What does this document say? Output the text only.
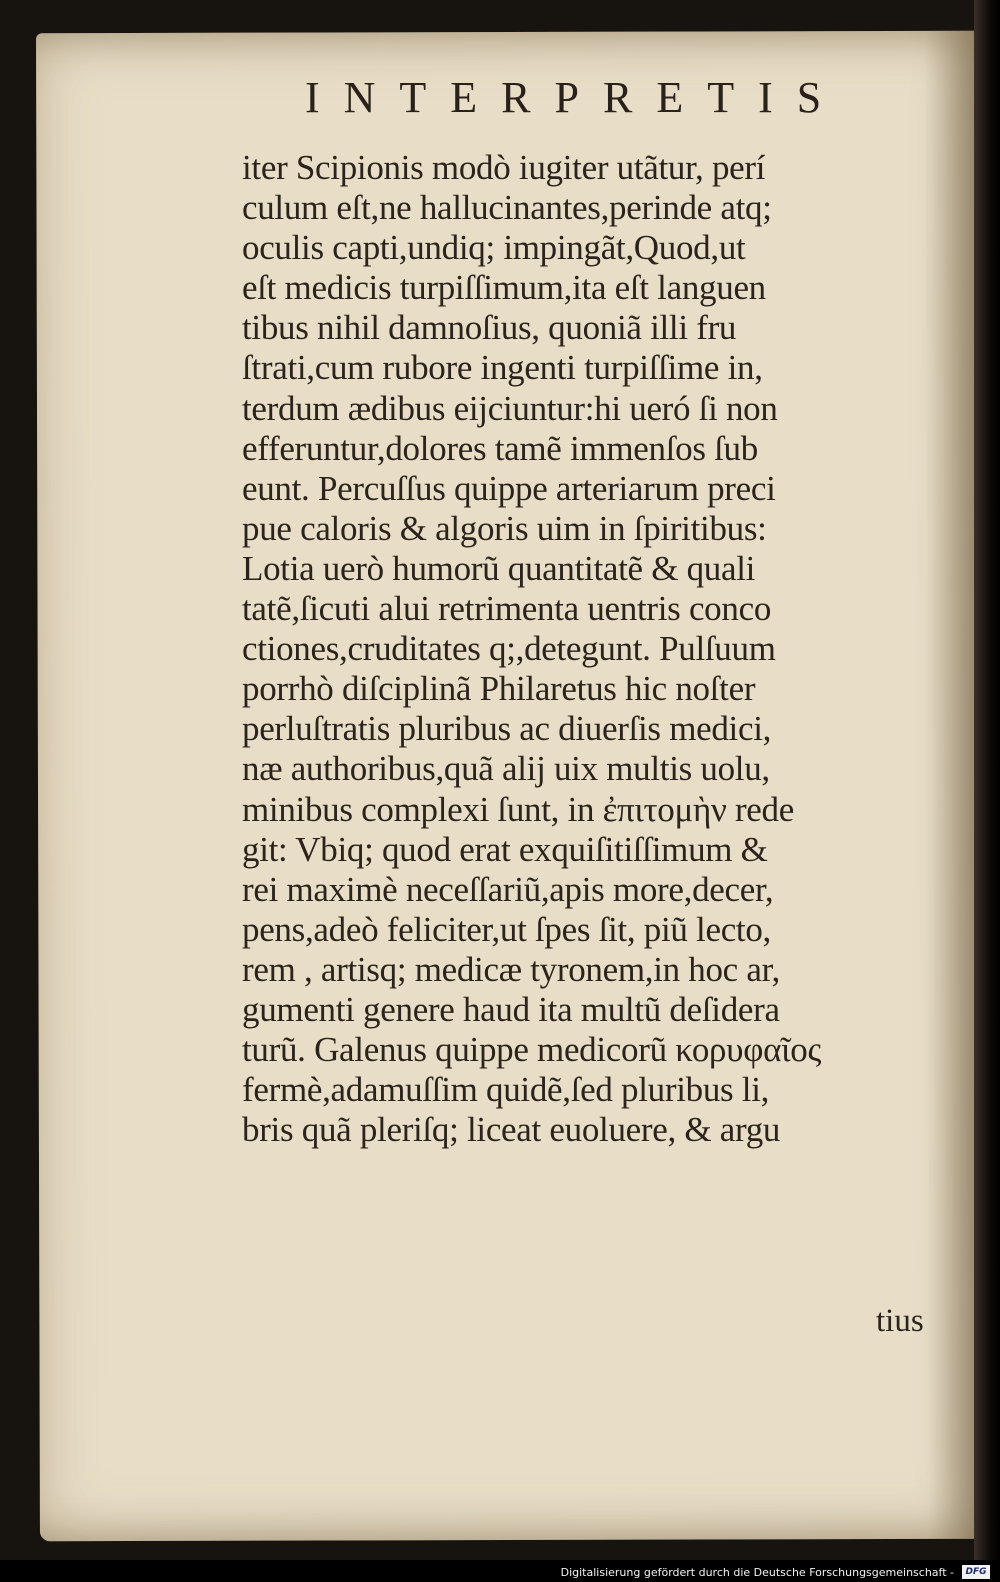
INTERPRETIS
iter Scipionis modò iugiter utãtur, perí
culum eſt,ne hallucinantes,perinde atq;
oculis capti,undiq; impingãt,Quod,ut
eſt medicis turpiſſimum,ita eſt languen
tibus nihil damnoſius, quoniã illi fru
ſtrati,cum rubore ingenti turpiſſime in,
terdum ædibus eijciuntur:hi ueró ſi non
efferuntur,dolores tamẽ immenſos ſub
eunt. Percuſſus quippe arteriarum preci
pue caloris & algoris uim in ſpiritibus:
Lotia uerò humorũ quantitatẽ & quali
tatẽ,ſicuti alui retrimenta uentris conco
ctiones,cruditates q;,detegunt. Pulſuum
porrhò diſciplinã Philaretus hic noſter
perluſtratis pluribus ac diuerſis medici,
næ authoribus,quã alij uix multis uolu,
minibus complexi ſunt, in ἐπιτομὴν rede
git: Vbiq; quod erat exquiſitiſſimum &
rei maximè neceſſariũ,apis more,decer,
pens,adeò feliciter,ut ſpes ſit, piũ lecto,
rem , artisq; medicæ tyronem,in hoc ar,
gumenti genere haud ita multũ deſidera
turũ. Galenus quippe medicorũ κορυφαῖος
fermè,adamuſſim quidẽ,ſed pluribus li,
bris quã pleriſq; liceat euoluere, & argu
tius
Digitalisierung gefördert durch die Deutsche Forschungsgemeinschaft -	DFG
